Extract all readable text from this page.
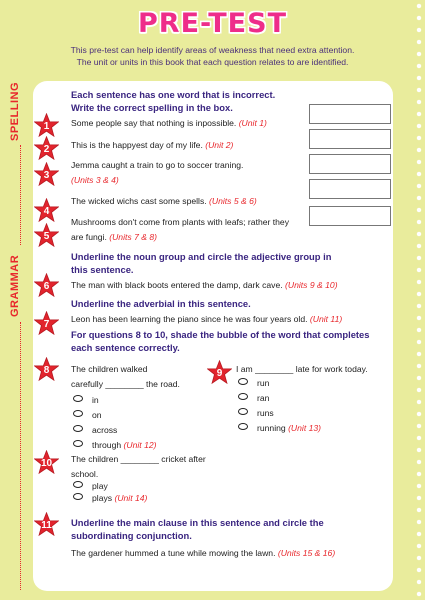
PRE-TEST
This pre-test can help identify areas of weakness that need extra attention.
The unit or units in this book that each question relates to are identified.
SPELLING
GRAMMAR
Each sentence has one word that is incorrect.
Write the correct spelling in the box.
1	Some people say that nothing is inpossible. (Unit 1)
2	This is the happyest day of my life. (Unit 2)
3
Jemma caught a train to go to soccer traning.
(Units 3 & 4)
4
The wicked wichs cast some spells. (Units 5 & 6)
5
Mushrooms don't come from plants with leafs; rather they
are fungi. (Units 7 & 8)
Underline the noun group and circle the adjective group in
this sentence.
6	The man with black boots entered the damp, dark cave. (Units 9 & 10)
Underline the adverbial in this sentence.
7	Leon has been learning the piano since he was four years old. (Unit 11)
For questions 8 to 10, shade the bubble of the word that completes
each sentence correctly.
8	The children walked
carefully ________ the road.
in
on
across
through (Unit 12)
9	I am ________ late for work today.
run
ran
runs
running (Unit 13)
10	The children ________ cricket after
school.
play
plays (Unit 14)
11	Underline the main clause in this sentence and circle the
subordinating conjunction.
The gardener hummed a tune while mowing the lawn. (Units 15 & 16)
